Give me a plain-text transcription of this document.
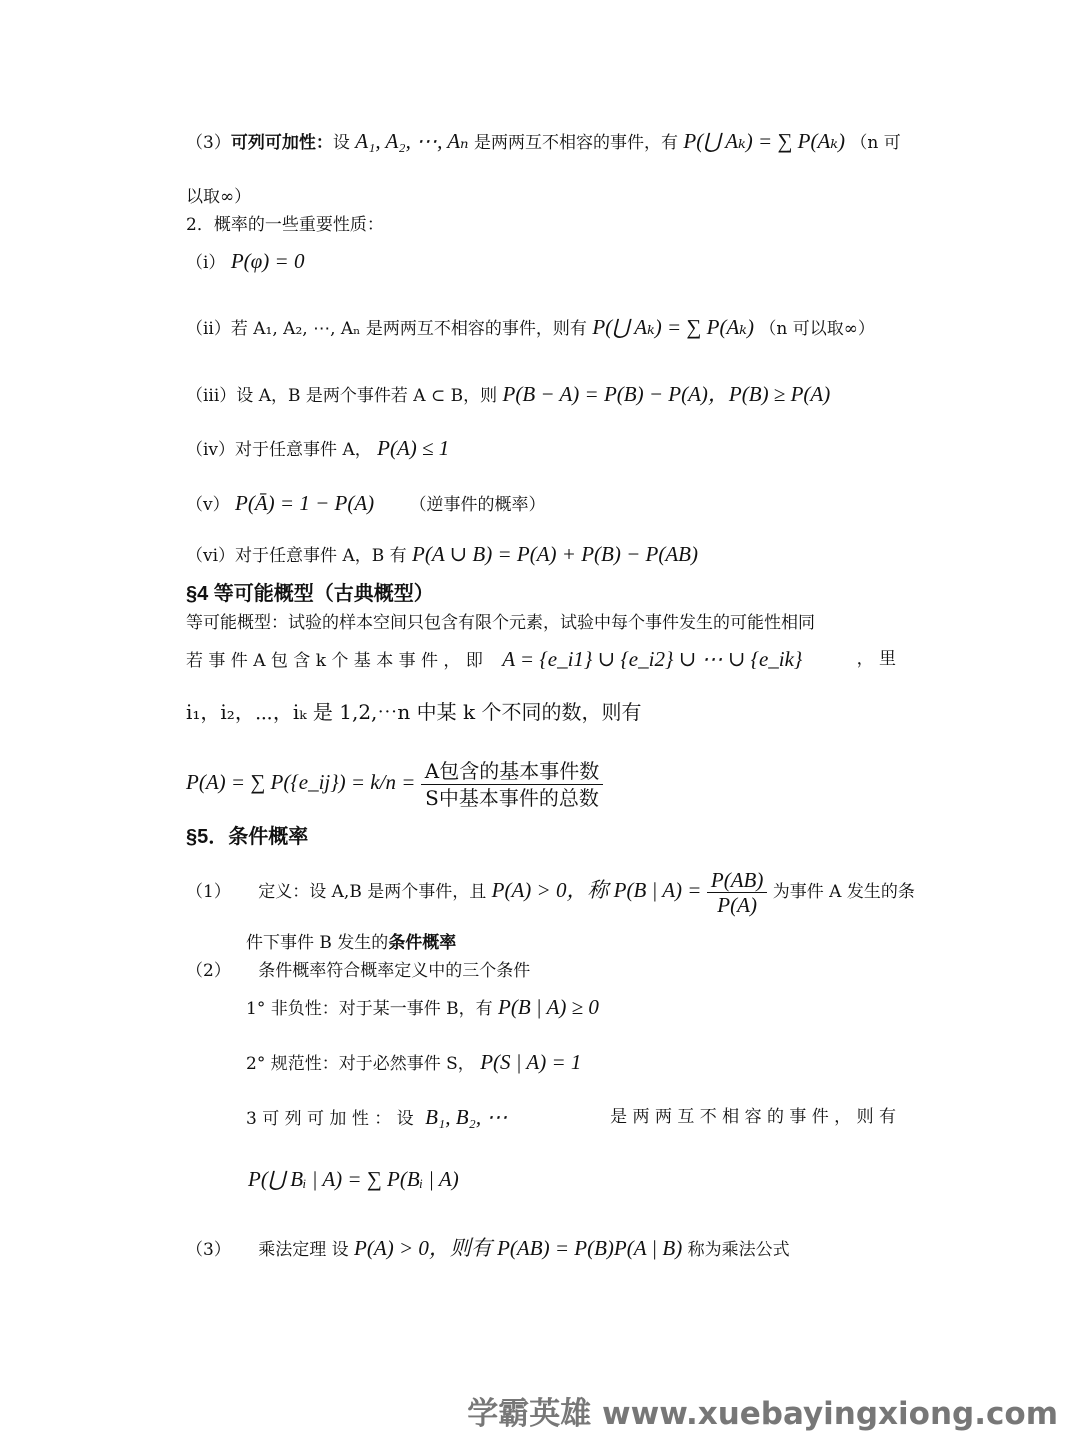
（3）可列可加性：设 A₁, A₂, ⋯, Aₙ 是两两互不相容的事件，有 P(⋃ Aₖ) = ∑ P(Aₖ) （n 可
以取∞）
2．概率的一些重要性质：
（i） P(φ) = 0
（ii）若 A₁, A₂, ⋯, Aₙ 是两两互不相容的事件，则有 P(⋃ Aₖ) = ∑ P(Aₖ) （n 可以取∞）
（iii）设 A，B 是两个事件若 A ⊂ B，则 P(B − A) = P(B) − P(A)，P(B) ≥ P(A)
（iv）对于任意事件 A， P(A) ≤ 1
（v） P(Ā) = 1 − P(A) （逆事件的概率）
（vi）对于任意事件 A，B 有 P(A ∪ B) = P(A) + P(B) − P(AB)
§4 等可能概型（古典概型）
等可能概型：试验的样本空间只包含有限个元素，试验中每个事件发生的可能性相同
若 事 件 A 包 含 k 个 基 本 事 件 ， 即 A = {e_i1} ∪ {e_i2} ∪ ⋯ ∪ {e_ik}	， 里
i₁，i₂，⋯，iₖ 是 1,2,⋯n 中某 k 个不同的数，则有
P(A) = ∑ P({e_ij}) = $k/n = \frac{\text{A包含的基本事件数}}{\text{S中基本事件的总数}}$
§5．条件概率
（1） 定义：设 A,B 是两个事件，且 P(A) > 0，称 P(B | $A) = \frac{P(AB)}{P(A)}$ 为事件 A 发生的条
件下事件 B 发生的条件概率
（2） 条件概率符合概率定义中的三个条件
1° 非负性：对于某一事件 B，有 P(B | A) ≥ 0
2° 规范性：对于必然事件 S， P(S | A) = 1
3 可 列 可 加 性 ： 设 B₁, B₂, ⋯	是 两 两 互 不 相 容 的 事 件 ， 则 有
P(⋃ Bᵢ | A) = ∑ P(Bᵢ | A)
（3） 乘法定理 设 P(A) > 0，则有 P(AB) = P(B)P(A | B) 称为乘法公式
学霸英雄 www.xuebayingxiong.com
